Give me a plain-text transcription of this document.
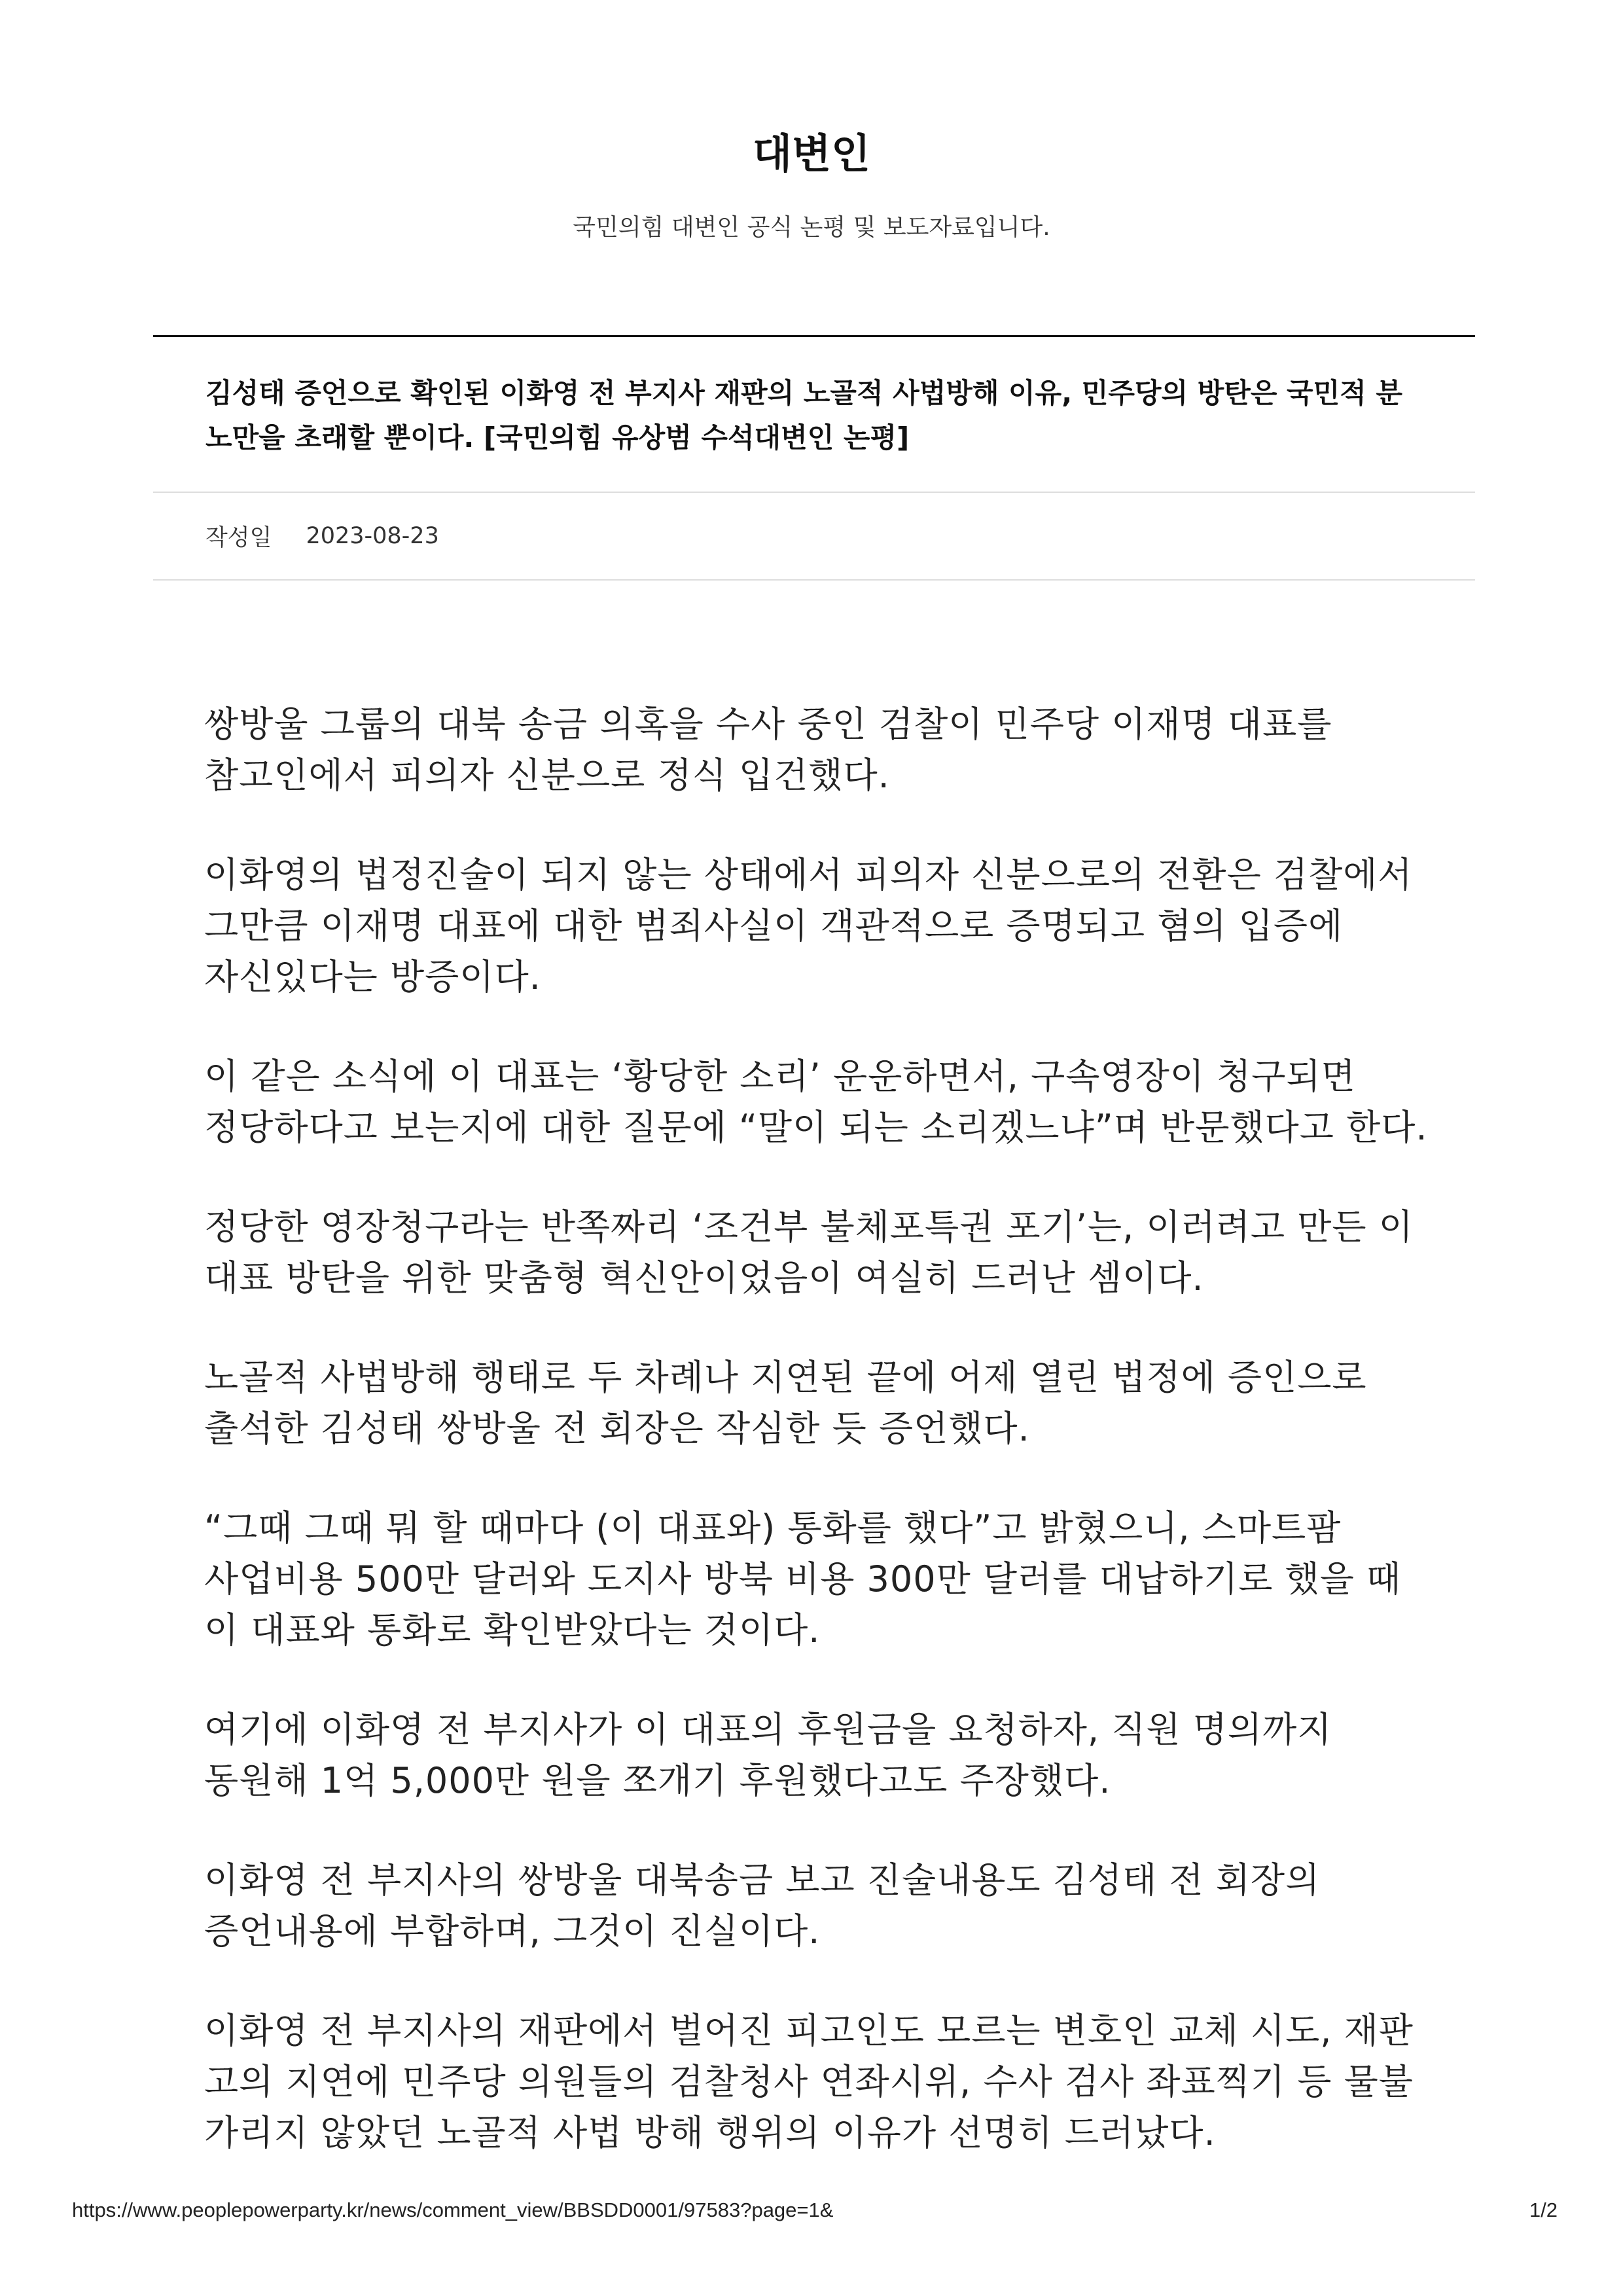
대변인
국민의힘 대변인 공식 논평 및 보도자료입니다.
김성태 증언으로 확인된 이화영 전 부지사 재판의 노골적 사법방해 이유, 민주당의 방탄은 국민적 분노만을 초래할 뿐이다. [국민의힘 유상범 수석대변인 논평]
작성일 2023-08-23

쌍방울 그룹의 대북 송금 의혹을 수사 중인 검찰이 민주당 이재명 대표를 참고인에서 피의자 신분으로 정식 입건했다.

이화영의 법정진술이 되지 않는 상태에서 피의자 신분으로의 전환은 검찰에서 그만큼 이재명 대표에 대한 범죄사실이 객관적으로 증명되고 혐의 입증에 자신있다는 방증이다.

이 같은 소식에 이 대표는 ‘황당한 소리’ 운운하면서, 구속영장이 청구되면 정당하다고 보는지에 대한 질문에 “말이 되는 소리겠느냐”며 반문했다고 한다.

정당한 영장청구라는 반쪽짜리 ‘조건부 불체포특권 포기’는, 이러려고 만든 이 대표 방탄을 위한 맞춤형 혁신안이었음이 여실히 드러난 셈이다.

노골적 사법방해 행태로 두 차례나 지연된 끝에 어제 열린 법정에 증인으로 출석한 김성태 쌍방울 전 회장은 작심한 듯 증언했다.

“그때 그때 뭐 할 때마다 (이 대표와) 통화를 했다”고 밝혔으니, 스마트팜 사업비용 500만 달러와 도지사 방북 비용 300만 달러를 대납하기로 했을 때 이 대표와 통화로 확인받았다는 것이다.

여기에 이화영 전 부지사가 이 대표의 후원금을 요청하자, 직원 명의까지 동원해 1억 5,000만 원을 쪼개기 후원했다고도 주장했다.

이화영 전 부지사의 쌍방울 대북송금 보고 진술내용도 김성태 전 회장의 증언내용에 부합하며, 그것이 진실이다.

이화영 전 부지사의 재판에서 벌어진 피고인도 모르는 변호인 교체 시도, 재판 고의 지연에 민주당 의원들의 검찰청사 연좌시위, 수사 검사 좌표찍기 등 물불 가리지 않았던 노골적 사법 방해 행위의 이유가 선명히 드러났다.

https://www.peoplepowerparty.kr/news/comment_view/BBSDD0001/97583?page=1&	1/2
